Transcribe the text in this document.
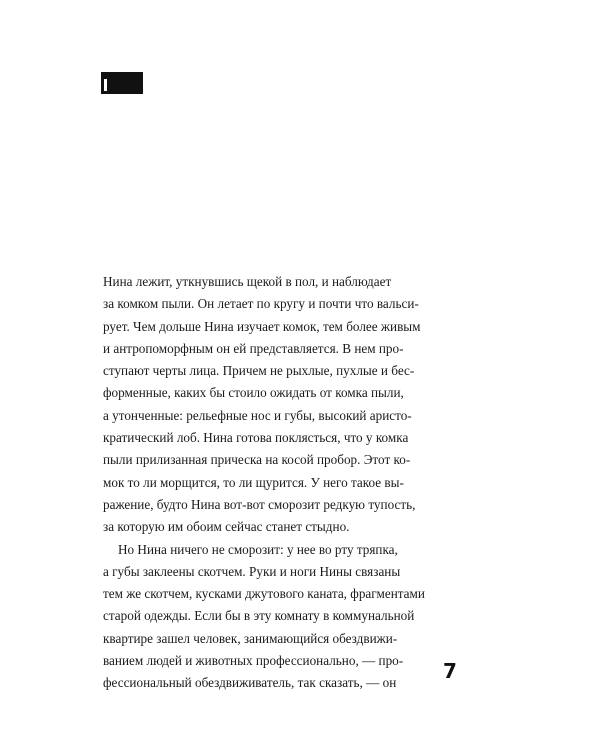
Нина лежит, уткнувшись щекой в пол, и наблюдает
за комком пыли. Он летает по кругу и почти что вальси-
рует. Чем дольше Нина изучает комок, тем более живым
и антропоморфным он ей представляется. В нем про-
ступают черты лица. Причем не рыхлые, пухлые и бес-
форменные, каких бы стоило ожидать от комка пыли,
а утонченные: рельефные нос и губы, высокий аристо-
кратический лоб. Нина готова поклясться, что у комка
пыли прилизанная прическа на косой пробор. Этот ко-
мок то ли морщится, то ли щурится. У него такое вы-
ражение, будто Нина вот-вот сморозит редкую тупость,
за которую им обоим сейчас станет стыдно.
Но Нина ничего не сморозит: у нее во рту тряпка,
а губы заклеены скотчем. Руки и ноги Нины связаны
тем же скотчем, кусками джутового каната, фрагментами
старой одежды. Если бы в эту комнату в коммунальной
квартире зашел человек, занимающийся обездвижи-
ванием людей и животных профессионально, — про-
фессиональный обездвиживатель, так сказать, — он	7
